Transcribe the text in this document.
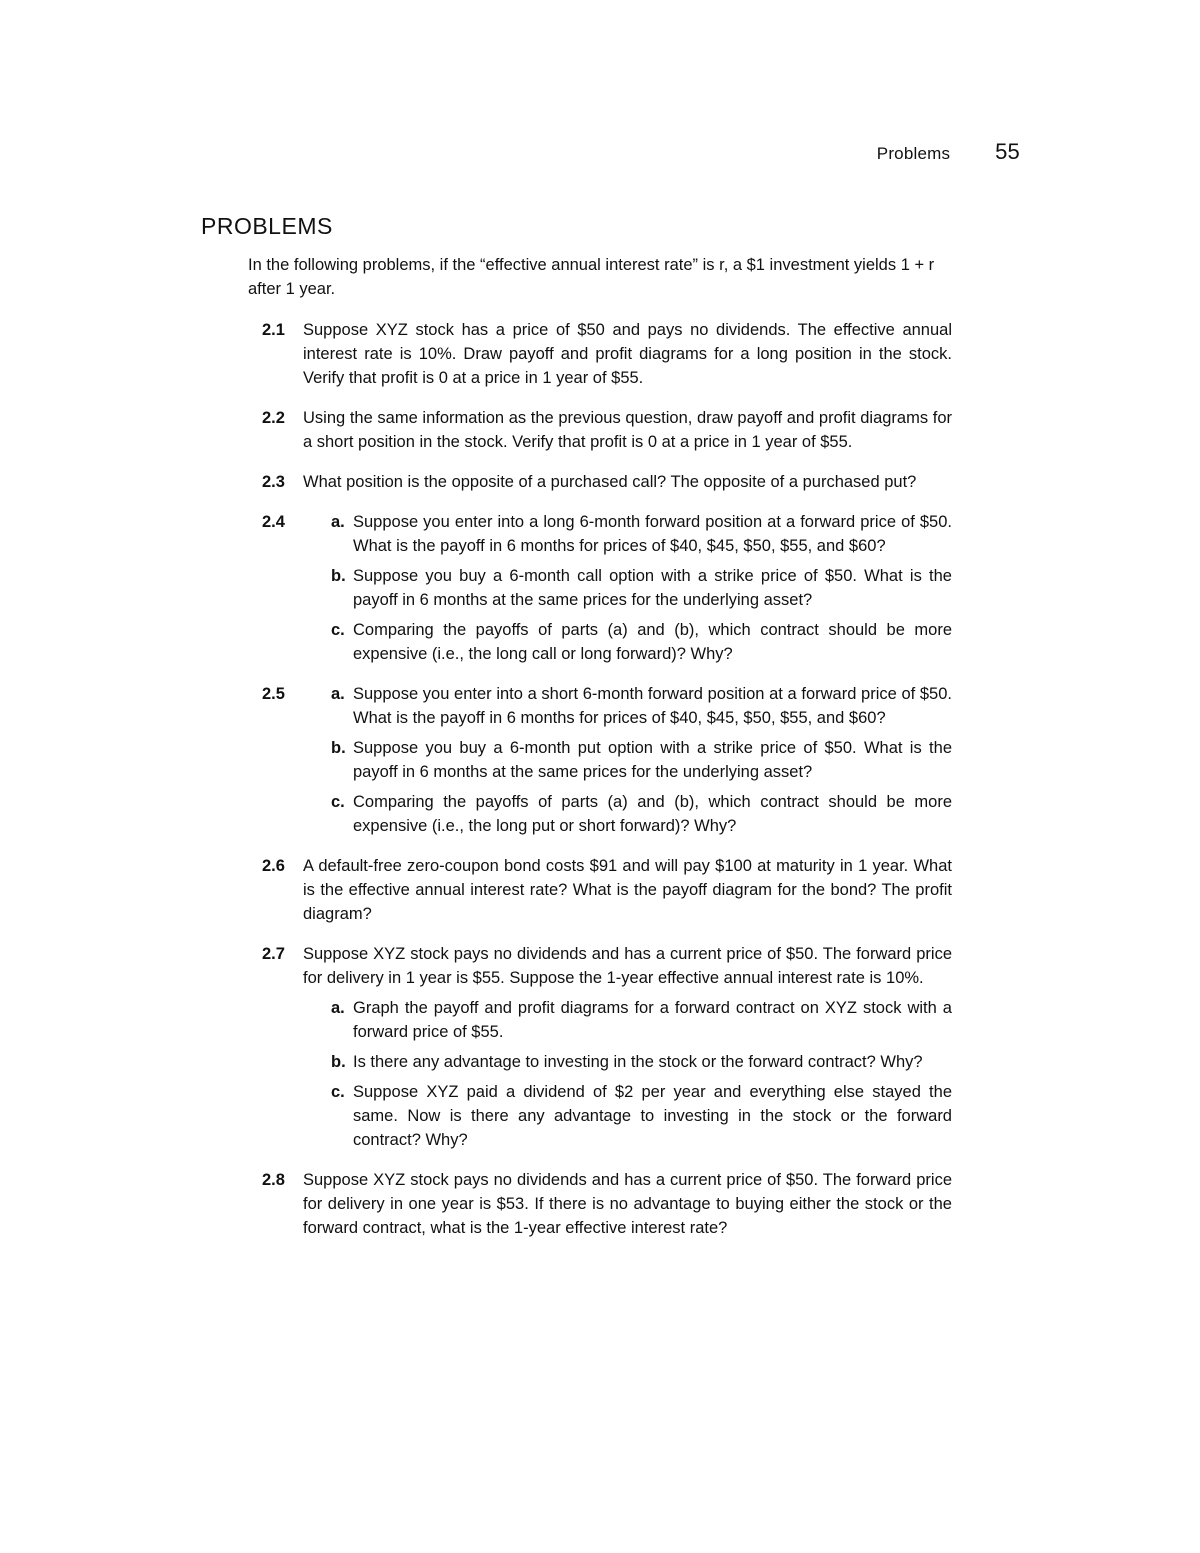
Problems 55
PROBLEMS

In the following problems, if the “effective annual interest rate” is r, a $1 investment yields 1 + r after 1 year.

2.1	Suppose XYZ stock has a price of $50 and pays no dividends. The effective annual interest rate is 10%. Draw payoff and profit diagrams for a long position in the stock. Verify that profit is 0 at a price in 1 year of $55.
2.2	Using the same information as the previous question, draw payoff and profit diagrams for a short position in the stock. Verify that profit is 0 at a price in 1 year of $55.
2.3	What position is the opposite of a purchased call? The opposite of a purchased put?
2.4	a. Suppose you enter into a long 6-month forward position at a forward price of $50. What is the payoff in 6 months for prices of $40, $45, $50, $55, and $60?
b. Suppose you buy a 6-month call option with a strike price of $50. What is the payoff in 6 months at the same prices for the underlying asset?
c. Comparing the payoffs of parts (a) and (b), which contract should be more expensive (i.e., the long call or long forward)? Why?
2.5	a. Suppose you enter into a short 6-month forward position at a forward price of $50. What is the payoff in 6 months for prices of $40, $45, $50, $55, and $60?
b. Suppose you buy a 6-month put option with a strike price of $50. What is the payoff in 6 months at the same prices for the underlying asset?
c. Comparing the payoffs of parts (a) and (b), which contract should be more expensive (i.e., the long put or short forward)? Why?
2.6	A default-free zero-coupon bond costs $91 and will pay $100 at maturity in 1 year. What is the effective annual interest rate? What is the payoff diagram for the bond? The profit diagram?
2.7	Suppose XYZ stock pays no dividends and has a current price of $50. The forward price for delivery in 1 year is $55. Suppose the 1-year effective annual interest rate is 10%.
a. Graph the payoff and profit diagrams for a forward contract on XYZ stock with a forward price of $55.
b. Is there any advantage to investing in the stock or the forward contract? Why?
c. Suppose XYZ paid a dividend of $2 per year and everything else stayed the same. Now is there any advantage to investing in the stock or the forward contract? Why?
2.8	Suppose XYZ stock pays no dividends and has a current price of $50. The forward price for delivery in one year is $53. If there is no advantage to buying either the stock or the forward contract, what is the 1-year effective interest rate?
